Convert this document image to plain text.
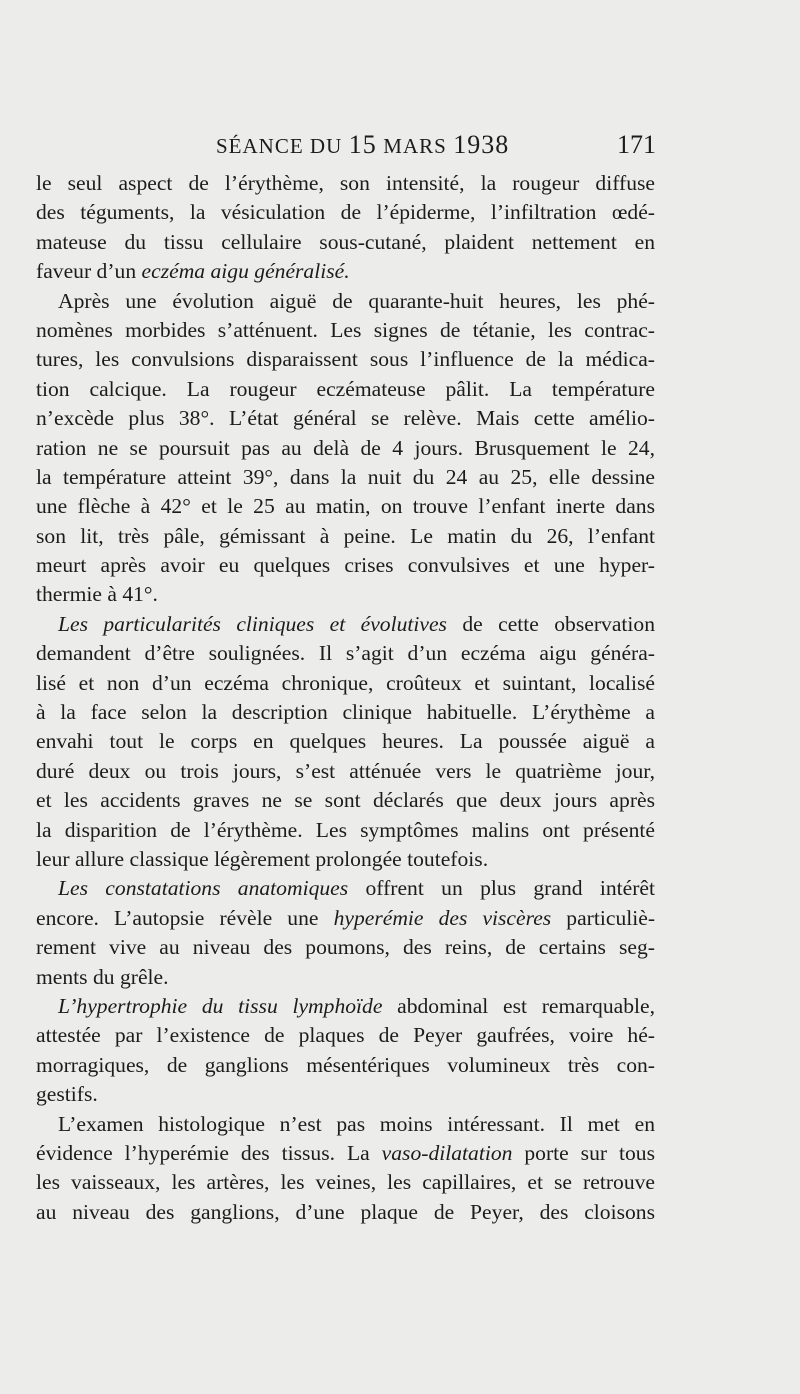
SÉANCE DU 15 MARS 1938	171
le seul aspect de l’érythème, son intensité, la rougeur diffuse
des téguments, la vésiculation de l’épiderme, l’infiltration œdé-
mateuse du tissu cellulaire sous-cutané, plaident nettement en
faveur d’un eczéma aigu généralisé.
Après une évolution aiguë de quarante-huit heures, les phé-
nomènes morbides s’atténuent. Les signes de tétanie, les contrac-
tures, les convulsions disparaissent sous l’influence de la médica-
tion calcique. La rougeur eczémateuse pâlit. La température
n’excède plus 38°. L’état général se relève. Mais cette amélio-
ration ne se poursuit pas au delà de 4 jours. Brusquement le 24,
la température atteint 39°, dans la nuit du 24 au 25, elle dessine
une flèche à 42° et le 25 au matin, on trouve l’enfant inerte dans
son lit, très pâle, gémissant à peine. Le matin du 26, l’enfant
meurt après avoir eu quelques crises convulsives et une hyper-
thermie à 41°.
Les particularités cliniques et évolutives de cette observation
demandent d’être soulignées. Il s’agit d’un eczéma aigu généra-
lisé et non d’un eczéma chronique, croûteux et suintant, localisé
à la face selon la description clinique habituelle. L’érythème a
envahi tout le corps en quelques heures. La poussée aiguë a
duré deux ou trois jours, s’est atténuée vers le quatrième jour,
et les accidents graves ne se sont déclarés que deux jours après
la disparition de l’érythème. Les symptômes malins ont présenté
leur allure classique légèrement prolongée toutefois.
Les constatations anatomiques offrent un plus grand intérêt
encore. L’autopsie révèle une hyperémie des viscères particuliè-
rement vive au niveau des poumons, des reins, de certains seg-
ments du grêle.
L’hypertrophie du tissu lymphoïde abdominal est remarquable,
attestée par l’existence de plaques de Peyer gaufrées, voire hé-
morragiques, de ganglions mésentériques volumineux très con-
gestifs.
L’examen histologique n’est pas moins intéressant. Il met en
évidence l’hyperémie des tissus. La vaso-dilatation porte sur tous
les vaisseaux, les artères, les veines, les capillaires, et se retrouve
au niveau des ganglions, d’une plaque de Peyer, des cloisons
